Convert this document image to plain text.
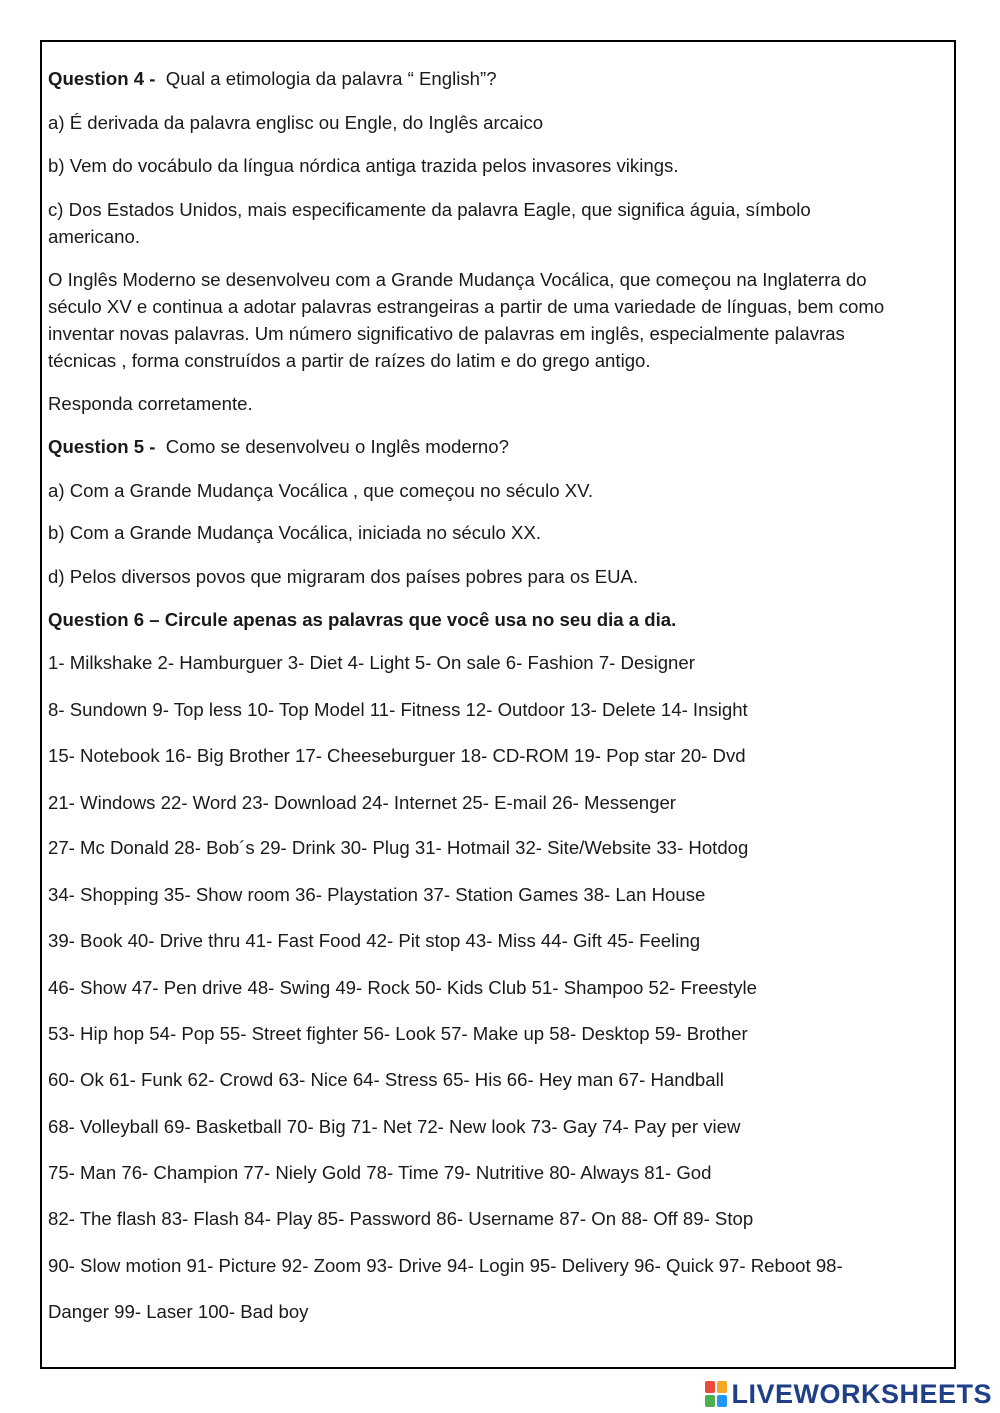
Question 4 - Qual a etimologia da palavra “ English”?

a) É derivada da palavra englisc ou Engle, do Inglês arcaico

b) Vem do vocábulo da língua nórdica antiga trazida pelos invasores vikings.

c) Dos Estados Unidos, mais especificamente da palavra Eagle, que significa águia, símbolo

americano.

O Inglês Moderno se desenvolveu com a Grande Mudança Vocálica, que começou na Inglaterra do

século XV e continua a adotar palavras estrangeiras a partir de uma variedade de línguas, bem como

inventar novas palavras. Um número significativo de palavras em inglês, especialmente palavras

técnicas , forma construídos a partir de raízes do latim e do grego antigo.

Responda corretamente.

Question 5 - Como se desenvolveu o Inglês moderno?

a) Com a Grande Mudança Vocálica , que começou no século XV.

b) Com a Grande Mudança Vocálica, iniciada no século XX.

d) Pelos diversos povos que migraram dos países pobres para os EUA.

Question 6 – Circule apenas as palavras que você usa no seu dia a dia.

1- Milkshake 2- Hamburguer 3- Diet 4- Light 5- On sale 6- Fashion 7- Designer

8- Sundown 9- Top less 10- Top Model 11- Fitness 12- Outdoor 13- Delete 14- Insight

15- Notebook 16- Big Brother 17- Cheeseburguer 18- CD-ROM 19- Pop star 20- Dvd

21- Windows 22- Word 23- Download 24- Internet 25- E-mail 26- Messenger

27- Mc Donald 28- Bob´s 29- Drink 30- Plug 31- Hotmail 32- Site/Website 33- Hotdog

34- Shopping 35- Show room 36- Playstation 37- Station Games 38- Lan House

39- Book 40- Drive thru 41- Fast Food 42- Pit stop 43- Miss 44- Gift 45- Feeling

46- Show 47- Pen drive 48- Swing 49- Rock 50- Kids Club 51- Shampoo 52- Freestyle

53- Hip hop 54- Pop 55- Street fighter 56- Look 57- Make up 58- Desktop 59- Brother

60- Ok 61- Funk 62- Crowd 63- Nice 64- Stress 65- His 66- Hey man 67- Handball

68- Volleyball 69- Basketball 70- Big 71- Net 72- New look 73- Gay 74- Pay per view

75- Man 76- Champion 77- Niely Gold 78- Time 79- Nutritive 80- Always 81- God

82- The flash 83- Flash 84- Play 85- Password 86- Username 87- On 88- Off 89- Stop

90- Slow motion 91- Picture 92- Zoom 93- Drive 94- Login 95- Delivery 96- Quick 97- Reboot 98-

Danger 99- Laser 100- Bad boy

LIVEWORKSHEETS
